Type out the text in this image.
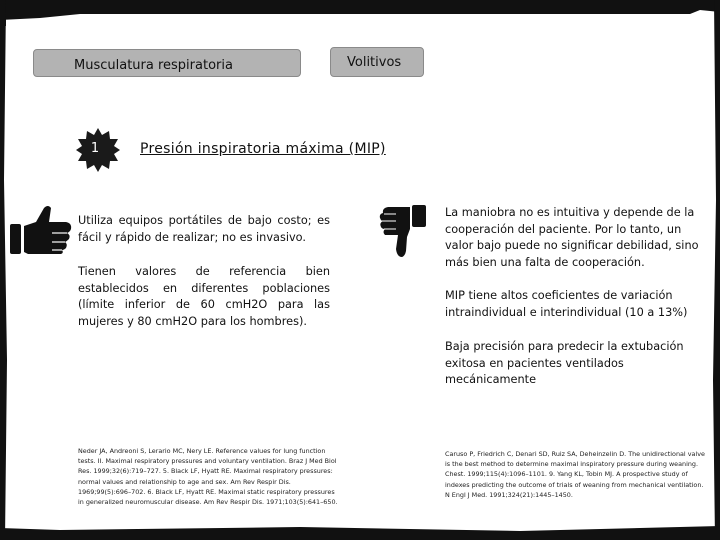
Musculatura respiratoria	Volitivos
1	Presión inspiratoria máxima (MIP)
Utiliza equipos portátiles de bajo costo; es fácil y rápido de realizar; no es invasivo.
Tienen valores de referencia bien establecidos en diferentes poblaciones (límite inferior de 60 cmH2O para las mujeres y 80 cmH2O para los hombres).
La maniobra no es intuitiva y depende de la cooperación del paciente. Por lo tanto, un valor bajo puede no significar debilidad, sino más bien una falta de cooperación.
MIP tiene altos coeficientes de variación intraindividual e interindividual (10 a 13%)
Baja precisión para predecir la extubación exitosa en pacientes ventilados mecánicamente
Neder JA, Andreoni S, Lerario MC, Nery LE. Reference values for lung function tests. II. Maximal respiratory pressures and voluntary ventilation. Braz J Med Biol Res. 1999;32(6):719–727. 5. Black LF, Hyatt RE. Maximal respiratory pressures: normal values and relationship to age and sex. Am Rev Respir Dis. 1969;99(5):696–702. 6. Black LF, Hyatt RE. Maximal static respiratory pressures in generalized neuromuscular disease. Am Rev Respir Dis. 1971;103(5):641–650.
Caruso P, Friedrich C, Denari SD, Ruiz SA, Deheinzelin D. The unidirectional valve is the best method to determine maximal inspiratory pressure during weaning. Chest. 1999;115(4):1096–1101. 9. Yang KL, Tobin MJ. A prospective study of indexes predicting the outcome of trials of weaning from mechanical ventilation. N Engl J Med. 1991;324(21):1445–1450.
